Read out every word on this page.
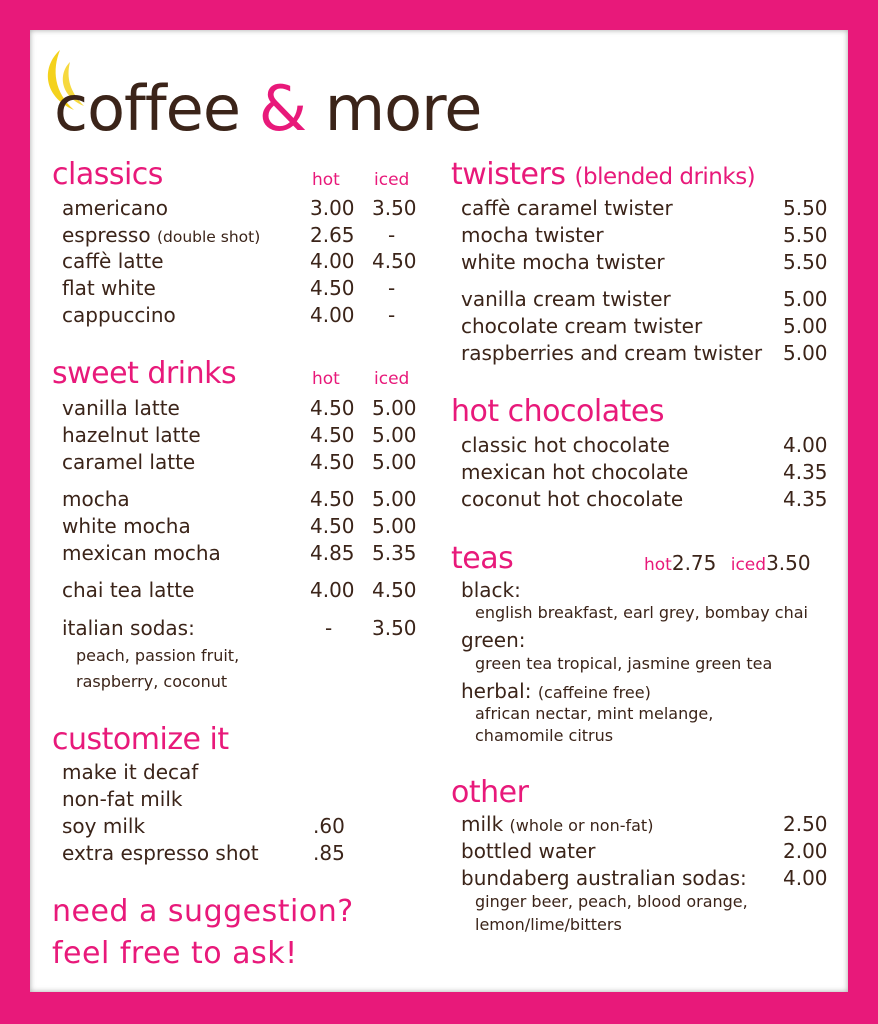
coffee & more
classics	hot iced
americano	3.00 3.50
espresso (double shot) 2.65 -
caffè latte	4.00 4.50
flat white	4.50 -
cappuccino	4.00 -
sweet drinks	hot iced
vanilla latte	4.50 5.00
hazelnut latte	4.50 5.00
caramel latte	4.50 5.00
mocha	4.50 5.00
white mocha	4.50 5.00
mexican mocha	4.85 5.35
chai tea latte	4.00 4.50
italian sodas:	- 3.50
peach, passion fruit,
raspberry, coconut
customize it
make it decaf
non-fat milk
soy milk	.60
extra espresso shot	.85
need a suggestion?
feel free to ask!
twisters (blended drinks)
caffè caramel twister	5.50
mocha twister	5.50
white mocha twister	5.50
vanilla cream twister	5.00
chocolate cream twister	5.00
raspberries and cream twister 5.00
hot chocolates
classic hot chocolate	4.00
mexican hot chocolate	4.35
coconut hot chocolate	4.35
teas	hot2.75 iced3.50
black:
english breakfast, earl grey, bombay chai
green:
green tea tropical, jasmine green tea
herbal: (caffeine free)
african nectar, mint melange,
chamomile citrus
other
milk (whole or non-fat)	2.50
bottled water	2.00
bundaberg australian sodas: 4.00
ginger beer, peach, blood orange,
lemon/lime/bitters
